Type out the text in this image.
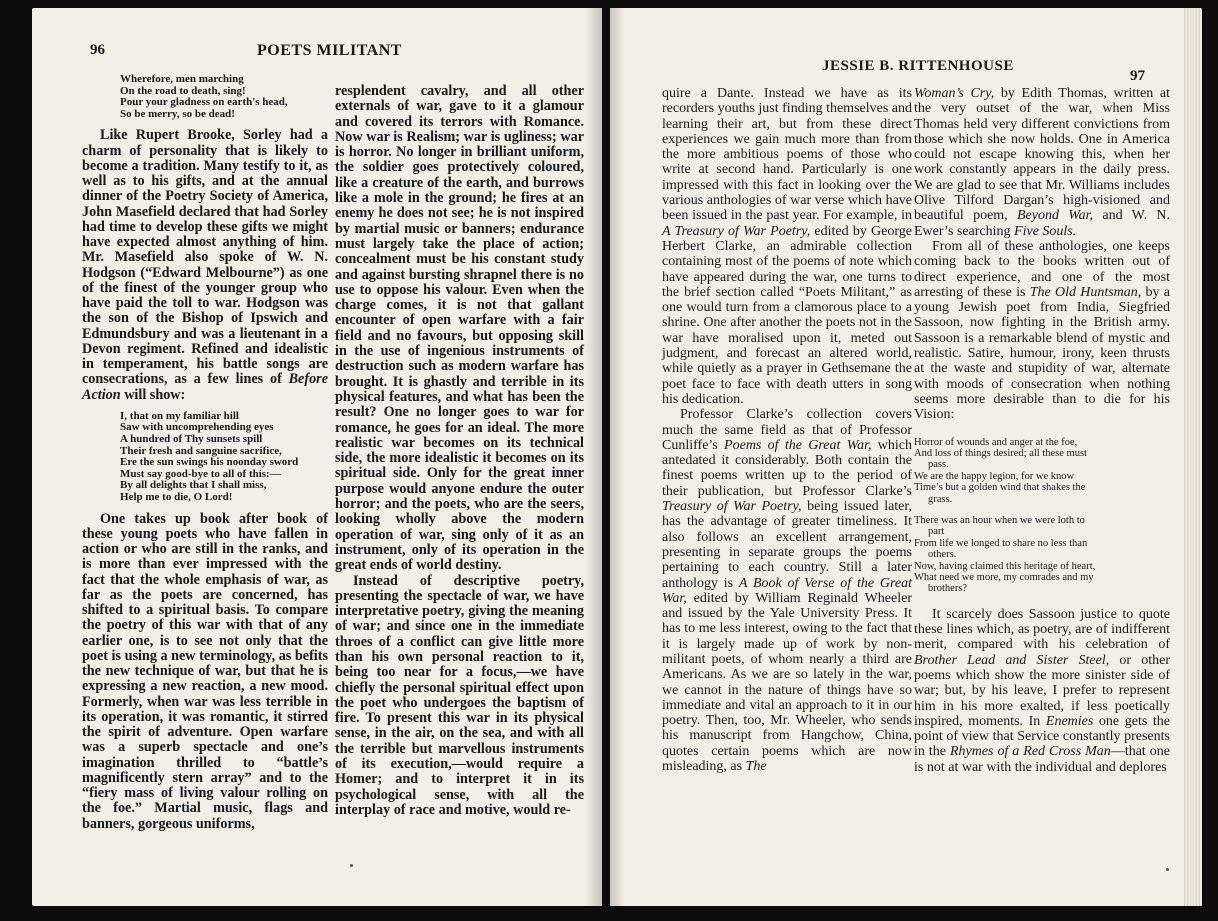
96	POETS MILITANT
Wherefore, men marching
On the road to death, sing!
Pour your gladness on earth's head,
So be merry, so be dead!

Like Rupert Brooke, Sorley had a charm of personality that is likely to become a tradition. Many testify to it, as well as to his gifts, and at the annual dinner of the Poetry Society of America, John Masefield declared that had Sorley had time to develop these gifts we might have expected almost anything of him. Mr. Masefield also spoke of W. N. Hodgson (“Edward Melbourne”) as one of the finest of the younger group who have paid the toll to war. Hodgson was the son of the Bishop of Ipswich and Edmundsbury and was a lieutenant in a Devon regiment. Refined and idealistic in temperament, his battle songs are consecrations, as a few lines of Before Action will show:

I, that on my familiar hill
Saw with uncomprehending eyes
A hundred of Thy sunsets spill
Their fresh and sanguine sacrifice,
Ere the sun swings his noonday sword
Must say good-bye to all of this:—
By all delights that I shall miss,
Help me to die, O Lord!

One takes up book after book of these young poets who have fallen in action or who are still in the ranks, and is more than ever impressed with the fact that the whole emphasis of war, as far as the poets are concerned, has shifted to a spiritual basis. To compare the poetry of this war with that of any earlier one, is to see not only that the poet is using a new terminology, as befits the new technique of war, but that he is expressing a new reaction, a new mood. Formerly, when war was less terrible in its operation, it was romantic, it stirred the spirit of adventure. Open warfare was a superb spectacle and one’s imagination thrilled to “battle’s magnificently stern array” and to the “fiery mass of living valour rolling on the foe.” Martial music, flags and banners, gorgeous uniforms,

resplendent cavalry, and all other externals of war, gave to it a glamour and covered its terrors with Romance. Now war is Realism; war is ugliness; war is horror. No longer in brilliant uniform, the soldier goes protectively coloured, like a creature of the earth, and burrows like a mole in the ground; he fires at an enemy he does not see; he is not inspired by martial music or banners; endurance must largely take the place of action; concealment must be his constant study and against bursting shrapnel there is no use to oppose his valour. Even when the charge comes, it is not that gallant encounter of open warfare with a fair field and no favours, but opposing skill in the use of ingenious instruments of destruction such as modern warfare has brought. It is ghastly and terrible in its physical features, and what has been the result? One no longer goes to war for romance, he goes for an ideal. The more realistic war becomes on its technical side, the more idealistic it becomes on its spiritual side. Only for the great inner purpose would anyone endure the outer horror; and the poets, who are the seers, looking wholly above the modern operation of war, sing only of it as an instrument, only of its operation in the great ends of world destiny.

Instead of descriptive poetry, presenting the spectacle of war, we have interpretative poetry, giving the meaning of war; and since one in the immediate throes of a conflict can give little more than his own personal reaction to it, being too near for a focus,—we have chiefly the personal spiritual effect upon the poet who undergoes the baptism of fire. To present this war in its physical sense, in the air, on the sea, and with all the terrible but marvellous instruments of its execution,—would require a Homer; and to interpret it in its psychological sense, with all the interplay of race and motive, would re-

JESSIE B. RITTENHOUSE
97

quire a Dante. Instead we have as its recorders youths just finding themselves and learning their art, but from these direct experiences we gain much more than from the more ambitious poems of those who write at second hand. Particularly is one impressed with this fact in looking over the various anthologies of war verse which have been issued in the past year. For example, in A Treasury of War Poetry, edited by George Herbert Clarke, an admirable collection containing most of the poems of note which have appeared during the war, one turns to the brief section called “Poets Militant,” as one would turn from a clamorous place to a shrine. One after another the poets not in the war have moralised upon it, meted out judgment, and forecast an altered world, while quietly as a prayer in Gethsemane the poet face to face with death utters in song his dedication.

Professor Clarke’s collection covers much the same field as that of Professor Cunliffe’s Poems of the Great War, which antedated it considerably. Both contain the finest poems written up to the period of their publication, but Professor Clarke’s Treasury of War Poetry, being issued later, has the advantage of greater timeliness. It also follows an excellent arrangement, presenting in separate groups the poems pertaining to each country. Still a later anthology is A Book of Verse of the Great War, edited by William Reginald Wheeler and issued by the Yale University Press. It has to me less interest, owing to the fact that it is largely made up of work by non-militant poets, of whom nearly a third are Americans. As we are so lately in the war, we cannot in the nature of things have so immediate and vital an approach to it in our poetry. Then, too, Mr. Wheeler, who sends his manuscript from Hangchow, China, quotes certain poems which are now misleading, as The

Woman’s Cry, by Edith Thomas, written at the very outset of the war, when Miss Thomas held very different convictions from those which she now holds. One in America could not escape knowing this, when her work constantly appears in the daily press. We are glad to see that Mr. Williams includes Olive Tilford Dargan’s high-visioned and beautiful poem, Beyond War, and W. N. Ewer’s searching Five Souls.

From all of these anthologies, one keeps coming back to the books written out of direct experience, and one of the most arresting of these is The Old Huntsman, by a young Jewish poet from India, Siegfried Sassoon, now fighting in the British army. Sassoon is a remarkable blend of mystic and realistic. Satire, humour, irony, keen thrusts at the waste and stupidity of war, alternate with moods of consecration when nothing seems more desirable than to die for his Vision:

Horror of wounds and anger at the foe,
And loss of things desired; all these must
pass.
We are the happy legion, for we know
Time’s but a golden wind that shakes the
grass.
There was an hour when we were loth to
part
From life we longed to share no less than
others.
Now, having claimed this heritage of heart,
What need we more, my comrades and my
brothers?

It scarcely does Sassoon justice to quote these lines which, as poetry, are of indifferent merit, compared with his celebration of Brother Lead and Sister Steel, or other poems which show the more sinister side of war; but, by his leave, I prefer to represent him in his more exalted, if less poetically inspired, moments. In Enemies one gets the point of view that Service constantly presents in the Rhymes of a Red Cross Man—that one is not at war with the individual and deplores
